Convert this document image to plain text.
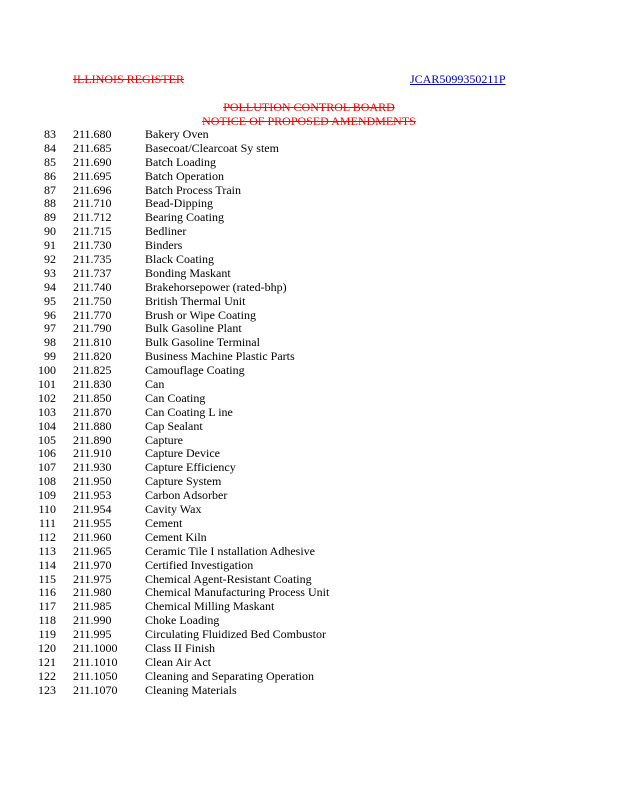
ILLINOIS REGISTER	JCAR5099350211P
POLLUTION CONTROL BOARD
NOTICE OF PROPOSED AMENDMENTS
83 211.680	Bakery Oven
84 211.685	Basecoat/Clearcoat Sy stem
85 211.690	Batch Loading
86 211.695	Batch Operation
87 211.696	Batch Process Train
88 211.710	Bead-Dipping
89 211.712	Bearing Coating
90 211.715	Bedliner
91 211.730	Binders
92 211.735	Black Coating
93 211.737	Bonding Maskant
94 211.740	Brakehorsepower (rated-bhp)
95 211.750	British Thermal Unit
96 211.770	Brush or Wipe Coating
97 211.790	Bulk Gasoline Plant
98 211.810	Bulk Gasoline Terminal
99 211.820	Business Machine Plastic Parts
100 211.825	Camouflage Coating
101 211.830	Can
102 211.850	Can Coating
103 211.870	Can Coating L ine
104 211.880	Cap Sealant
105 211.890	Capture
106 211.910	Capture Device
107 211.930	Capture Efficiency
108 211.950	Capture System
109 211.953	Carbon Adsorber
110 211.954	Cavity Wax
111 211.955	Cement
112 211.960	Cement Kiln
113 211.965	Ceramic Tile I nstallation Adhesive
114 211.970	Certified Investigation
115 211.975	Chemical Agent-Resistant Coating
116 211.980	Chemical Manufacturing Process Unit
117 211.985	Chemical Milling Maskant
118 211.990	Choke Loading
119 211.995	Circulating Fluidized Bed Combustor
120 211.1000 Class II Finish
121 211.1010 Clean Air Act
122 211.1050 Cleaning and Separating Operation
123 211.1070 Cleaning Materials
